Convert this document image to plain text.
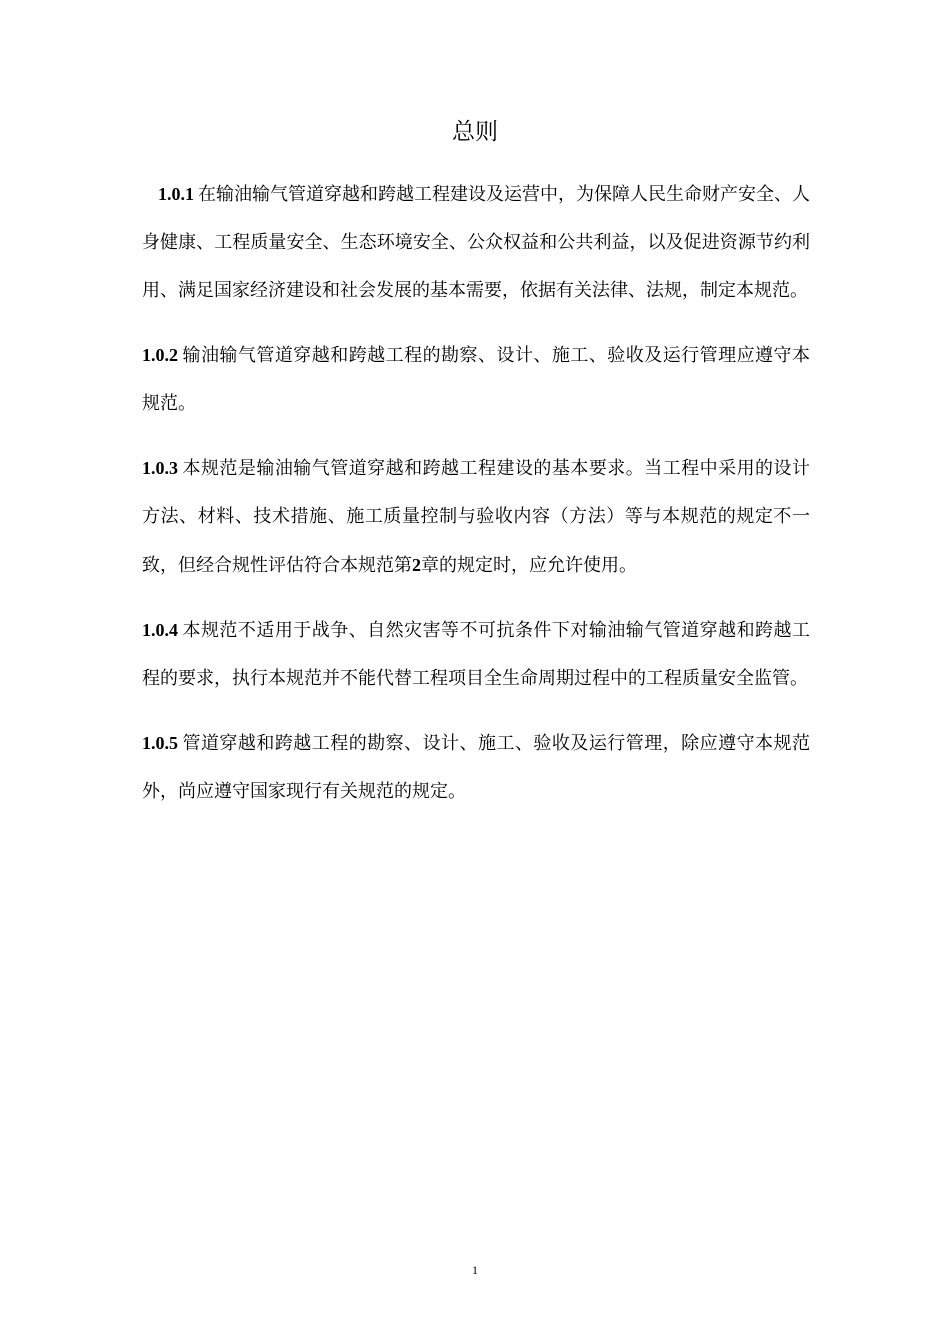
总则

1.0.1 在输油输气管道穿越和跨越工程建设及运营中，为保障人民生命财产安全、人身健康、工程质量安全、生态环境安全、公众权益和公共利益，以及促进资源节约利用、满足国家经济建设和社会发展的基本需要，依据有关法律、法规，制定本规范。

1.0.2 输油输气管道穿越和跨越工程的勘察、设计、施工、验收及运行管理应遵守本规范。

1.0.3 本规范是输油输气管道穿越和跨越工程建设的基本要求。当工程中采用的设计方法、材料、技术措施、施工质量控制与验收内容（方法）等与本规范的规定不一致，但经合规性评估符合本规范第2章的规定时，应允许使用。

1.0.4 本规范不适用于战争、自然灾害等不可抗条件下对输油输气管道穿越和跨越工程的要求，执行本规范并不能代替工程项目全生命周期过程中的工程质量安全监管。

1.0.5 管道穿越和跨越工程的勘察、设计、施工、验收及运行管理，除应遵守本规范外，尚应遵守国家现行有关规范的规定。

1
